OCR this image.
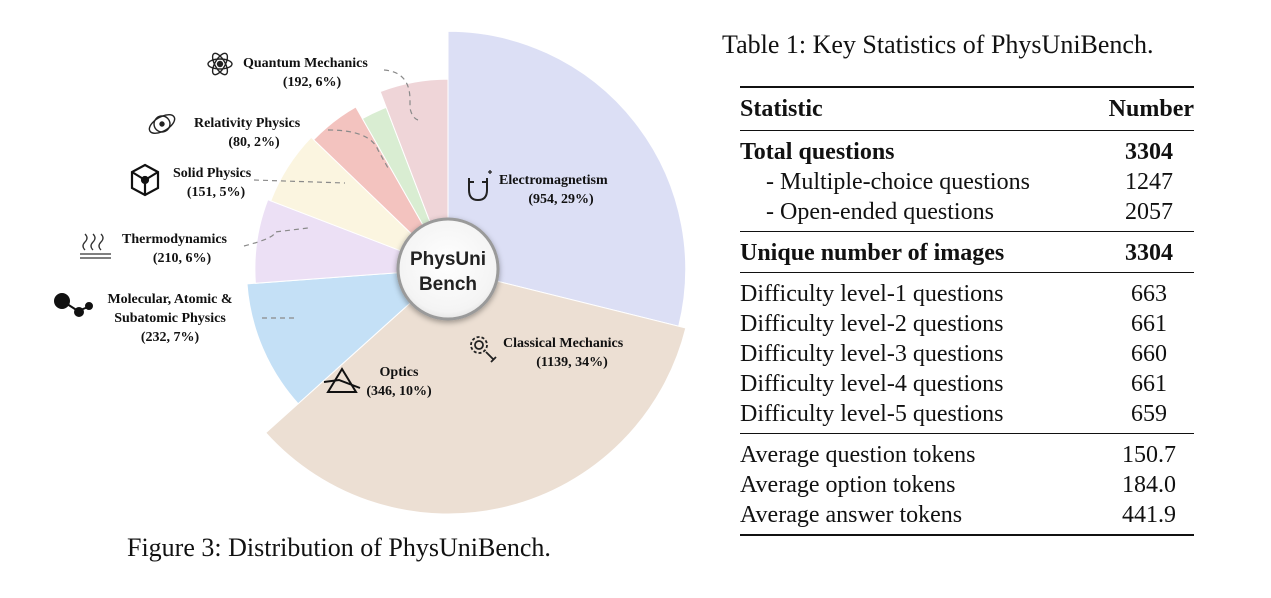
PhysUni
Bench
Quantum Mechanics
(192, 6%)
Relativity Physics
(80, 2%)
Solid Physics
(151, 5%)
Thermodynamics
(210, 6%)
Molecular, Atomic &
Subatomic Physics
(232, 7%)
Electromagnetism
(954, 29%)
Classical Mechanics
(1139, 34%)
Optics
(346, 10%)
Figure 3: Distribution of PhysUniBench.
Table 1: Key Statistics of PhysUniBench.
Statistic	Number
Total questions	3304
- Multiple-choice questions	1247
- Open-ended questions	2057
Unique number of images	3304
Difficulty level-1 questions	663
Difficulty level-2 questions	661
Difficulty level-3 questions	660
Difficulty level-4 questions	661
Difficulty level-5 questions	659
Average question tokens	150.7
Average option tokens	184.0
Average answer tokens	441.9
